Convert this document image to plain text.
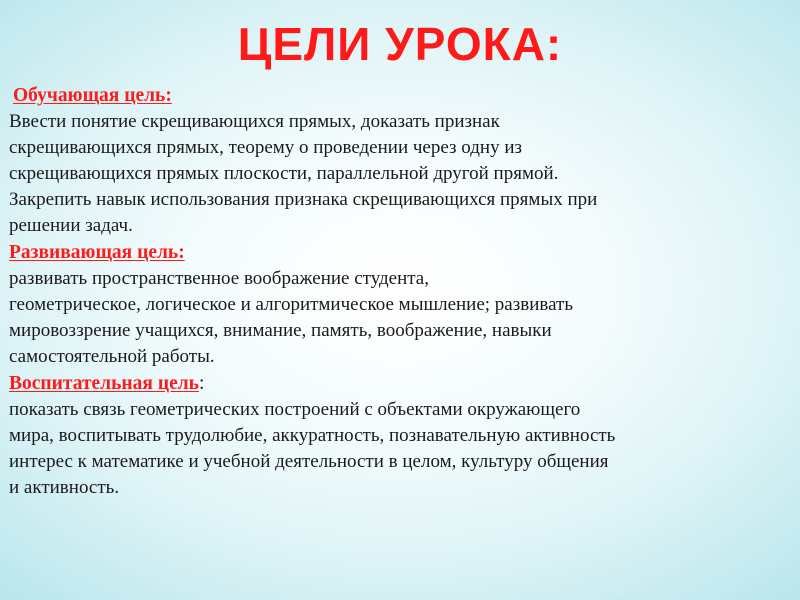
ЦЕЛИ УРОКА:
Обучающая цель:
Ввести понятие скрещивающихся прямых, доказать признак
скрещивающихся прямых, теорему о проведении через одну из
скрещивающихся прямых плоскости, параллельной другой прямой.
Закрепить навык использования признака скрещивающихся прямых при
решении задач.
Развивающая цель:
развивать пространственное воображение студента,
геометрическое, логическое и алгоритмическое мышление; развивать
мировоззрение учащихся, внимание, память, воображение, навыки
самостоятельной работы.
Воспитательная цель:
показать связь геометрических построений с объектами окружающего
мира, воспитывать трудолюбие, аккуратность, познавательную активность
интерес к математике и учебной деятельности в целом, культуру общения
и активность.
